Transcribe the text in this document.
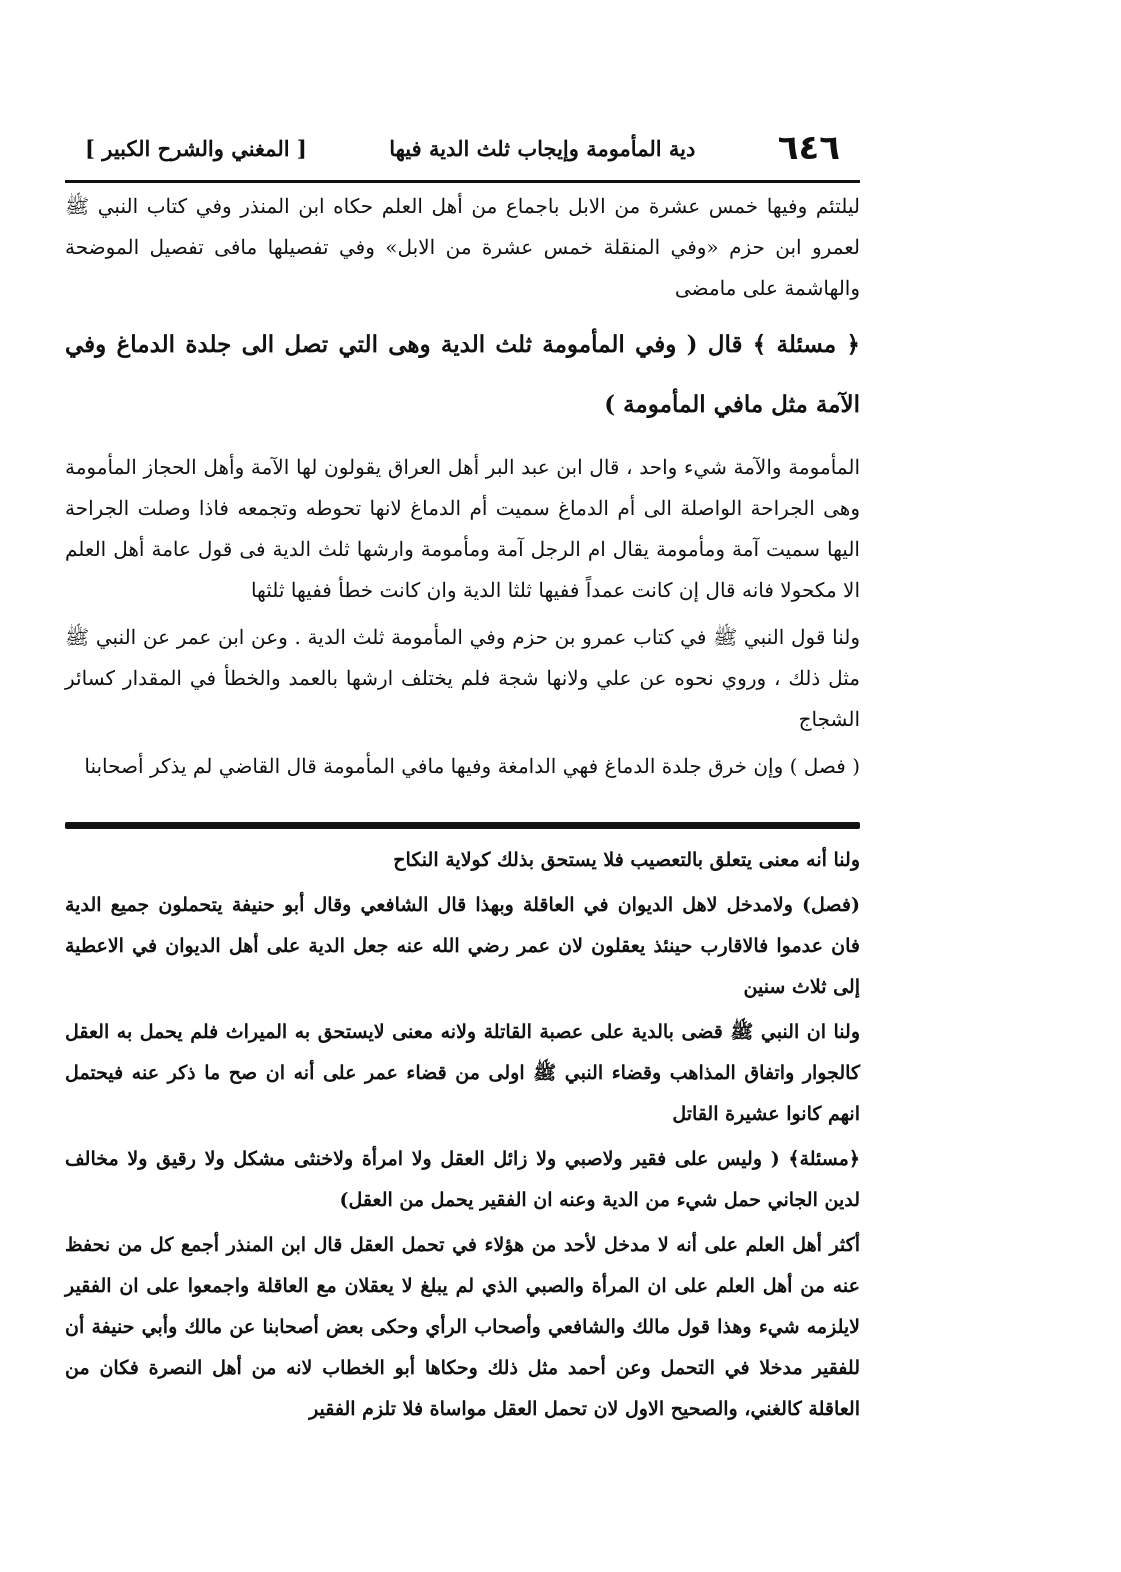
٦٤٦
دية المأمومة وإيجاب ثلث الدية فيها
[ المغني والشرح الكبير ]

ليلتئم وفيها خمس عشرة من الابل باجماع من أهل العلم حكاه ابن المنذر وفي كتاب النبي ﷺ لعمرو ابن حزم «وفي المنقلة خمس عشرة من الابل» وفي تفصيلها مافى تفصيل الموضحة والهاشمة على مامضى

﴿ مسئلة ﴾ قال ( وفي المأمومة ثلث الدية وهى التي تصل الى جلدة الدماغ وفي الآمة مثل مافي المأمومة )

المأمومة والآمة شيء واحد ، قال ابن عبد البر أهل العراق يقولون لها الآمة وأهل الحجاز المأمومة وهى الجراحة الواصلة الى أم الدماغ سميت أم الدماغ لانها تحوطه وتجمعه فاذا وصلت الجراحة اليها سميت آمة ومأمومة يقال ام الرجل آمة ومأمومة وارشها ثلث الدية فى قول عامة أهل العلم الا مكحولا فانه قال إن كانت عمداً ففيها ثلثا الدية وان كانت خطأ ففيها ثلثها

ولنا قول النبي ﷺ في كتاب عمرو بن حزم وفي المأمومة ثلث الدية . وعن ابن عمر عن النبي ﷺ مثل ذلك ، وروي نحوه عن علي ولانها شجة فلم يختلف ارشها بالعمد والخطأ في المقدار كسائر الشجاج

( فصل ) وإن خرق جلدة الدماغ فهي الدامغة وفيها مافي المأمومة قال القاضي لم يذكر أصحابنا

ولنا أنه معنى يتعلق بالتعصيب فلا يستحق بذلك كولاية النكاح

(فصل) ولامدخل لاهل الديوان في العاقلة وبهذا قال الشافعي وقال أبو حنيفة يتحملون جميع الدية فان عدموا فالاقارب حينئذ يعقلون لان عمر رضي الله عنه جعل الدية على أهل الديوان في الاعطية إلى ثلاث سنين

ولنا ان النبي ﷺ قضى بالدية على عصبة القاتلة ولانه معنى لايستحق به الميراث فلم يحمل به العقل كالجوار واتفاق المذاهب وقضاء النبي ﷺ اولى من قضاء عمر على أنه ان صح ما ذكر عنه فيحتمل انهم كانوا عشيرة القاتل

﴿مسئلة﴾ ( وليس على فقير ولاصبي ولا زائل العقل ولا امرأة ولاخنثى مشكل ولا رقيق ولا مخالف لدين الجاني حمل شيء من الدية وعنه ان الفقير يحمل من العقل)

أكثر أهل العلم على أنه لا مدخل لأحد من هؤلاء في تحمل العقل قال ابن المنذر أجمع كل من نحفظ عنه من أهل العلم على ان المرأة والصبي الذي لم يبلغ لا يعقلان مع العاقلة واجمعوا على ان الفقير لايلزمه شيء وهذا قول مالك والشافعي وأصحاب الرأي وحكى بعض أصحابنا عن مالك وأبي حنيفة أن للفقير مدخلا في التحمل وعن أحمد مثل ذلك وحكاها أبو الخطاب لانه من أهل النصرة فكان من العاقلة كالغني، والصحيح الاول لان تحمل العقل مواساة فلا تلزم الفقير
